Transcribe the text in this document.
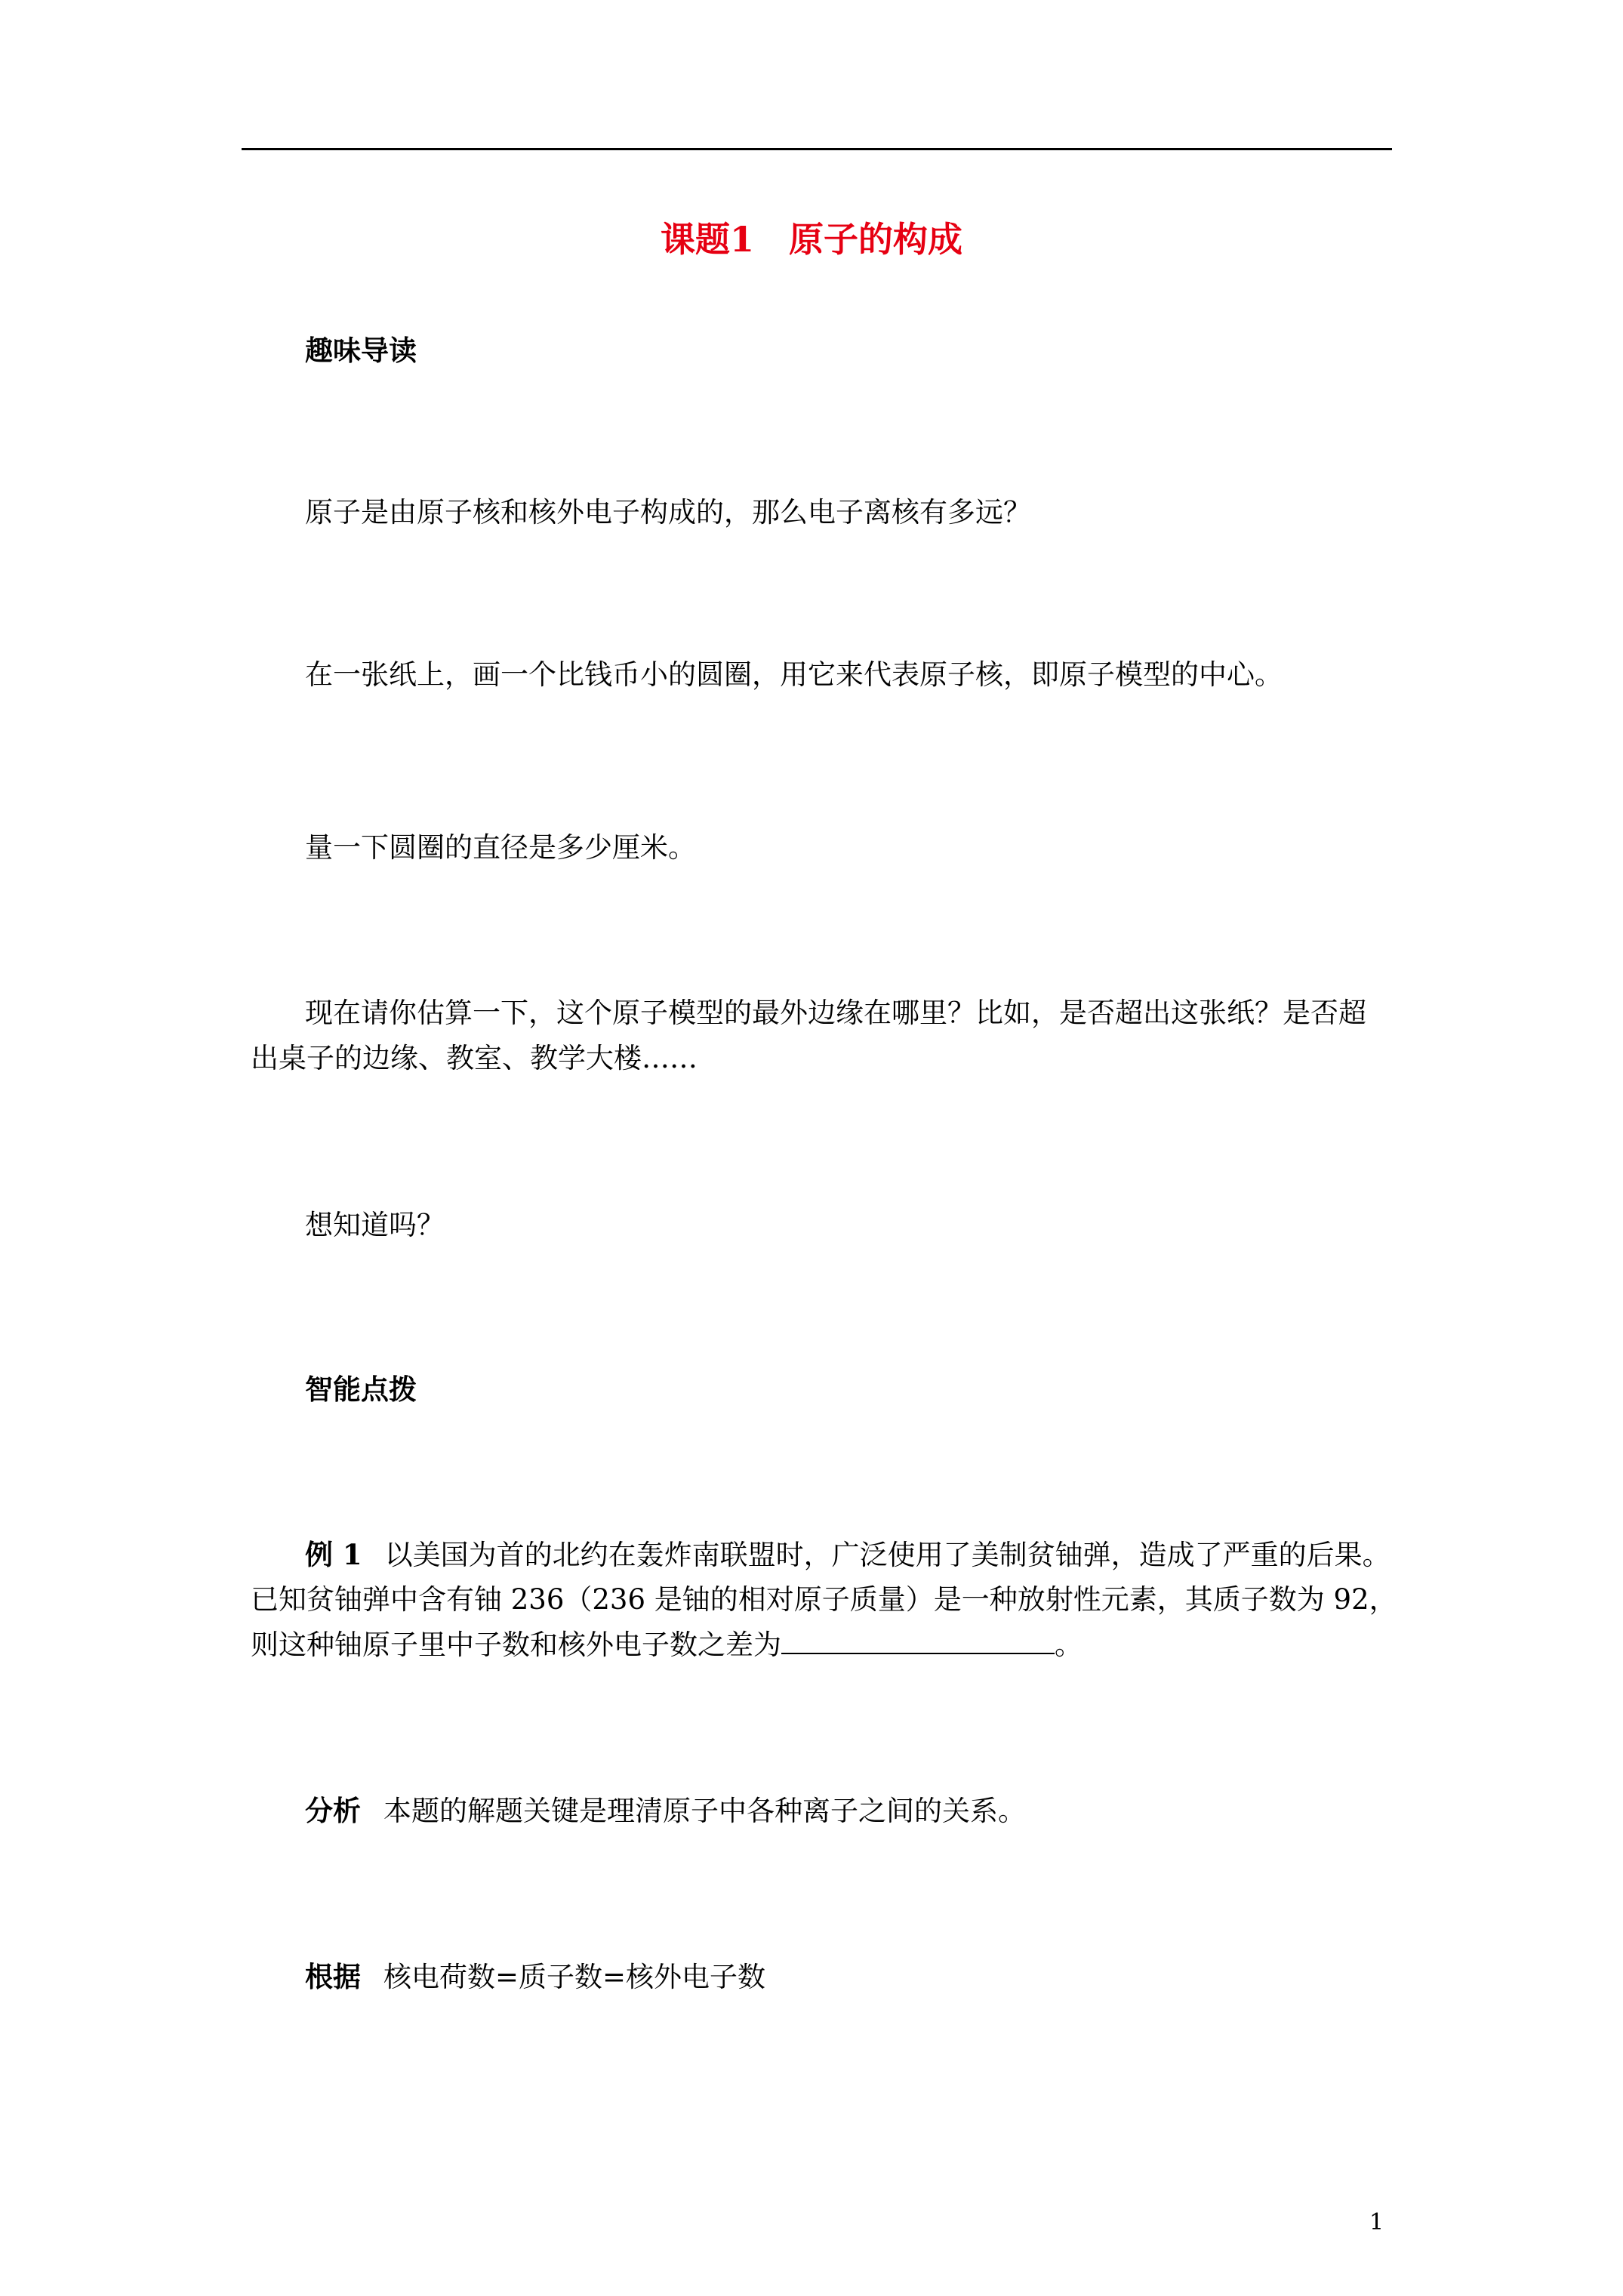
课题1　原子的构成
趣味导读
原子是由原子核和核外电子构成的，那么电子离核有多远？
在一张纸上，画一个比钱币小的圆圈，用它来代表原子核，即原子模型的中心。
量一下圆圈的直径是多少厘米。
现在请你估算一下，这个原子模型的最外边缘在哪里？比如，是否超出这张纸？是否超
出桌子的边缘、教室、教学大楼……
想知道吗？
智能点拨
例 1 以美国为首的北约在轰炸南联盟时，广泛使用了美制贫铀弹，造成了严重的后果。
已知贫铀弹中含有铀 236（236 是铀的相对原子质量）是一种放射性元素，其质子数为 92，
则这种铀原子里中子数和核外电子数之差为	。
分析 本题的解题关键是理清原子中各种离子之间的关系。
根据 核电荷数=质子数=核外电子数
1
